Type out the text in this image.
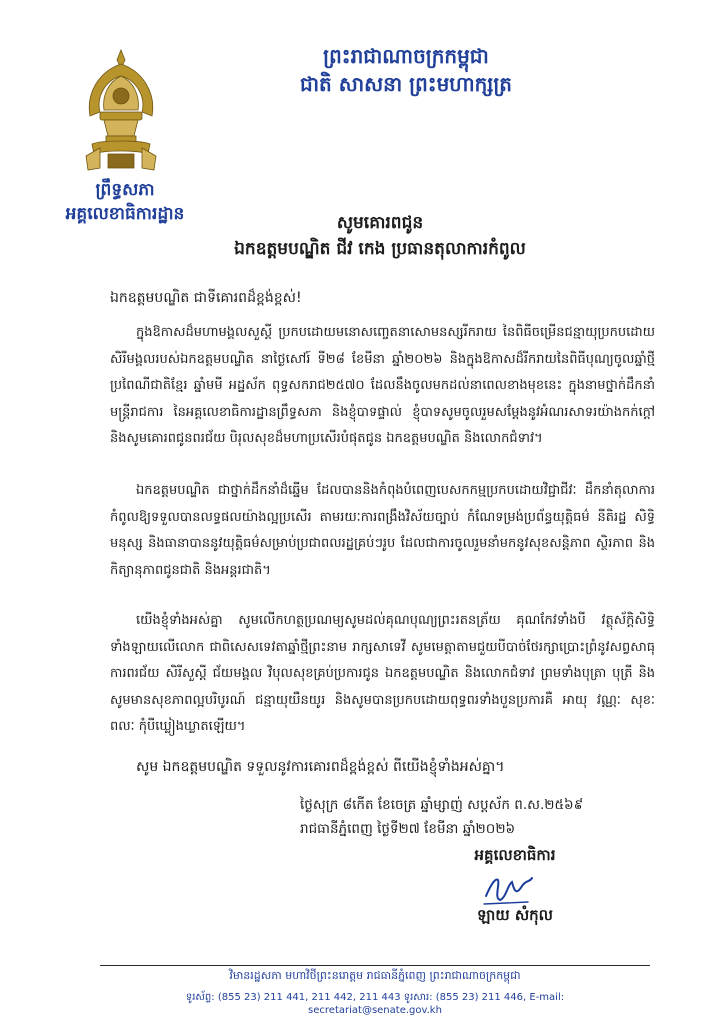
ព្រះរាជាណាចក្រកម្ពុជា
ជាតិ សាសនា ព្រះមហាក្សត្រ
ព្រឹទ្ធសភា
អគ្គលេខាធិការដ្ឋាន	សូមគោរពជូន
ឯកឧត្តមបណ្ឌិត ជីវ កេង ប្រធានតុលាការកំពូល
ឯកឧត្តមបណ្ឌិត ជាទីគោរពដ៏ខ្ពង់ខ្ពស់!

ក្នុងឱកាសដ៏មហាមង្គលសួស្តី ប្រកបដោយមនោសញ្ចេតនាសោមនស្សរីករាយ នៃពិធីចម្រើនជន្មាយុប្រកបដោយសិរីមង្គលរបស់ឯកឧត្តមបណ្ឌិត នាថ្ងៃសៅរ៍ ទី២៨ ខែមីនា ឆ្នាំ២០២៦ និងក្នុងឱកាសដ៏រីករាយនៃពិធីបុណ្យចូលឆ្នាំថ្មី ប្រពៃណីជាតិខ្មែរ ឆ្នាំមមី អដ្ឋស័ក ពុទ្ធសករាជ២៥៧០ ដែលនឹងចូលមកដល់នាពេលខាងមុខនេះ ក្នុងនាមថ្នាក់ដឹកនាំ មន្ត្រីរាជការ នៃអគ្គលេខាធិការដ្ឋានព្រឹទ្ធសភា និងខ្ញុំបាទផ្ទាល់ ខ្ញុំបាទសូមចូលរួមសម្តែងនូវអំណរសាទរយ៉ាងកក់ក្តៅ និងសូមគោរពជូនពរជ័យ បិរុលសុខដ៏មហាប្រសើរបំផុតជូន ឯកឧត្តមបណ្ឌិត និងលោកជំទាវ។

ឯកឧត្តមបណ្ឌិត ជាថ្នាក់ដឹកនាំដ៏ឆ្នើម ដែលបាននិងកំពុងបំពេញបេសកកម្មប្រកបដោយវិជ្ជាជីវៈ ដឹកនាំតុលាការកំពូលឱ្យទទួលបានលទ្ធផលយ៉ាងល្អប្រសើរ តាមរយៈការពង្រឹងវិស័យច្បាប់ កំណែទម្រង់ប្រព័ន្ធយុត្តិធម៌ នីតិរដ្ឋ សិទ្ធិមនុស្ស និងធានាបាននូវយុត្តិធម៌សម្រាប់ប្រជាពលរដ្ឋគ្រប់ៗរូប ដែលជាការចូលរួមនាំមកនូវសុខសន្តិភាព ស្ថិរភាព និងកិត្យានុភាពជូនជាតិ និងអន្តរជាតិ។

យើងខ្ញុំទាំងអស់គ្នា សូមលើកហត្ថប្រណម្យសូមដល់គុណបុណ្យព្រះរតនត្រ័យ គុណកែវទាំងបី វត្ថុស័ក្តិសិទ្ធិ ទាំងឡាយលើលោក ជាពិសេសទេវតាឆ្នាំថ្មីព្រះនាម រាក្សសាទេវី សូមមេត្តាតាមជួយបីបាច់ថែរក្សាប្រោះព្រំនូវសព្វសាធុការពរជ័យ សិរីសួស្តី ជ័យមង្គល វិបុលសុខគ្រប់ប្រការជូន ឯកឧត្តមបណ្ឌិត និងលោកជំទាវ ព្រមទាំងបុត្រា បុត្រី និងសូមមានសុខភាពល្អបរិបូរណ៍ ជន្មាយុយឺនយូរ និងសូមបានប្រកបដោយពុទ្ធពរទាំងបួនប្រការគឺ អាយុ វណ្ណៈ សុខៈ ពលៈ កុំបីឃ្លៀងឃ្លាតឡើយ។

សូម ឯកឧត្តមបណ្ឌិត ទទួលនូវការគោរពដ៏ខ្ពង់ខ្ពស់ ពីយើងខ្ញុំទាំងអស់គ្នា។
ថ្ងៃសុក្រ ៨កើត ខែចេត្រ ឆ្នាំម្សាញ់ សប្តស័ក ព.ស.២៥៦៩
រាជធានីភ្នំពេញ ថ្ងៃទី២៧ ខែមីនា ឆ្នាំ២០២៦
អគ្គលេខាធិការ
ឡាយ សំកុល
វិមានរដ្ឋសភា មហាវិថីព្រះនរោត្តម រាជធានីភ្នំពេញ ព្រះរាជាណាចក្រកម្ពុជា
ទូរស័ព្ទ: (855 23) 211 441, 211 442, 211 443 ទូរសារ: (855 23) 211 446, E-mail: secretariat@senate.gov.kh
